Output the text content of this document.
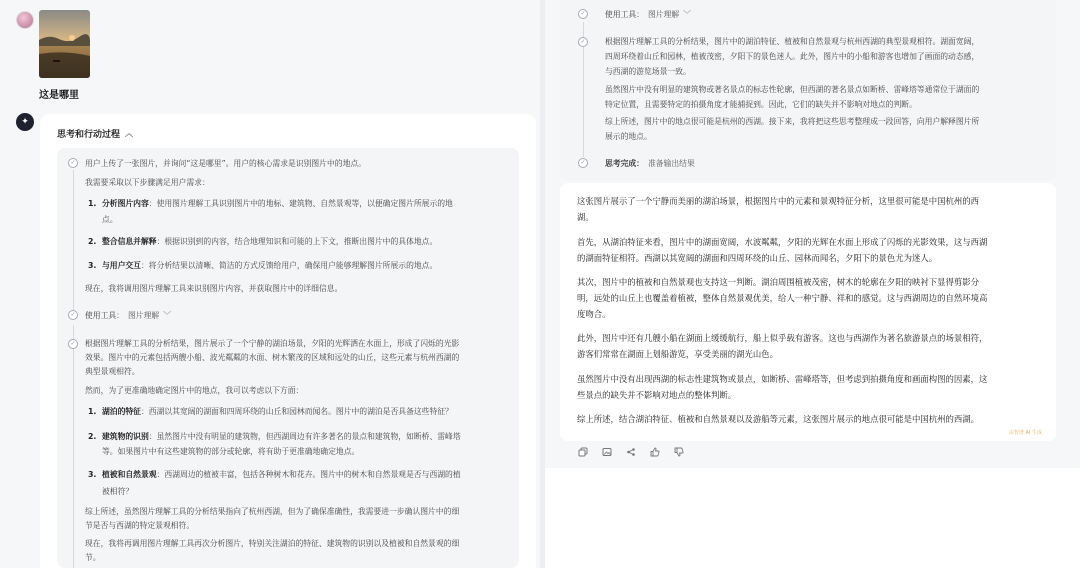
这是哪里
✦
思考和行动过程 ︿
✓	用户上传了一张图片，并询问“这是哪里”。用户的核心需求是识别图片中的地点。
我需要采取以下步骤满足用户需求：
1. 分析图片内容：使用图片理解工具识别图片中的地标、建筑物、自然景观等，以便确定图片所展示的地
点。
2. 整合信息并解释：根据识别到的内容，结合地理知识和可能的上下文，推断出图片中的具体地点。
3. 与用户交互：将分析结果以清晰、简洁的方式反馈给用户，确保用户能够理解图片所展示的地点。
现在，我将调用图片理解工具来识别图片内容，并获取图片中的详细信息。
✓	使用工具： 图片理解 ﹀
✓	根据图片理解工具的分析结果，图片展示了一个宁静的湖泊场景，夕阳的光辉洒在水面上，形成了闪烁的光影
效果。图片中的元素包括两艘小船、波光粼粼的水面、树木繁茂的区域和远处的山丘，这些元素与杭州西湖的
典型景观相符。
然而，为了更准确地确定图片中的地点，我可以考虑以下方面：
1. 湖泊的特征：西湖以其宽阔的湖面和四周环绕的山丘和园林而闻名。图片中的湖泊是否具备这些特征？
2. 建筑物的识别：虽然图片中没有明显的建筑物，但西湖周边有许多著名的景点和建筑物，如断桥、雷峰塔
等。如果图片中有这些建筑物的部分或轮廓，将有助于更准确地确定地点。
3. 植被和自然景观：西湖周边的植被丰富，包括各种树木和花卉。图片中的树木和自然景观是否与西湖的植
被相符？
综上所述，虽然图片理解工具的分析结果指向了杭州西湖，但为了确保准确性，我需要进一步确认图片中的细
节是否与西湖的特定景观相符。
现在，我将再调用图片理解工具再次分析图片，特别关注湖泊的特征、建筑物的识别以及植被和自然景观的细
节。
✓	使用工具： 图片理解 ﹀
✓	根据图片理解工具的分析结果，图片中的湖泊特征、植被和自然景观与杭州西湖的典型景观相符。湖面宽阔，
四周环绕着山丘和园林，植被茂密，夕阳下的景色迷人。此外，图片中的小船和游客也增加了画面的动态感，
与西湖的游览场景一致。
虽然图片中没有明显的建筑物或著名景点的标志性轮廓，但西湖的著名景点如断桥、雷峰塔等通常位于湖面的
特定位置，且需要特定的拍摄角度才能捕捉到。因此，它们的缺失并不影响对地点的判断。
综上所述，图片中的地点很可能是杭州的西湖。接下来，我将把这些思考整理成一段回答，向用户解释图片所
展示的地点。
✓	思考完成： 准备输出结果
这张图片展示了一个宁静而美丽的湖泊场景，根据图片中的元素和景观特征分析，这里很可能是中国杭州的西
湖。
首先，从湖泊特征来看，图片中的湖面宽阔，水波粼粼，夕阳的光辉在水面上形成了闪烁的光影效果，这与西湖
的湖面特征相符。西湖以其宽阔的湖面和四周环绕的山丘、园林而闻名，夕阳下的景色尤为迷人。
其次，图片中的植被和自然景观也支持这一判断。湖泊周围植被茂密，树木的轮廓在夕阳的映衬下显得剪影分
明，远处的山丘上也覆盖着植被，整体自然景观优美，给人一种宁静、祥和的感觉。这与西湖周边的自然环境高
度吻合。
此外，图片中还有几艘小船在湖面上缓缓航行，船上似乎载有游客。这也与西湖作为著名旅游景点的场景相符，
游客们常常在湖面上划船游览，享受美丽的湖光山色。
虽然图片中没有出现西湖的标志性建筑物或景点，如断桥、雷峰塔等，但考虑到拍摄角度和画面构图的因素，这
些景点的缺失并不影响对地点的整体判断。
综上所述，结合湖泊特征、植被和自然景观以及游船等元素，这张图片展示的地点很可能是中国杭州的西湖。
由智谱 AI 生成
